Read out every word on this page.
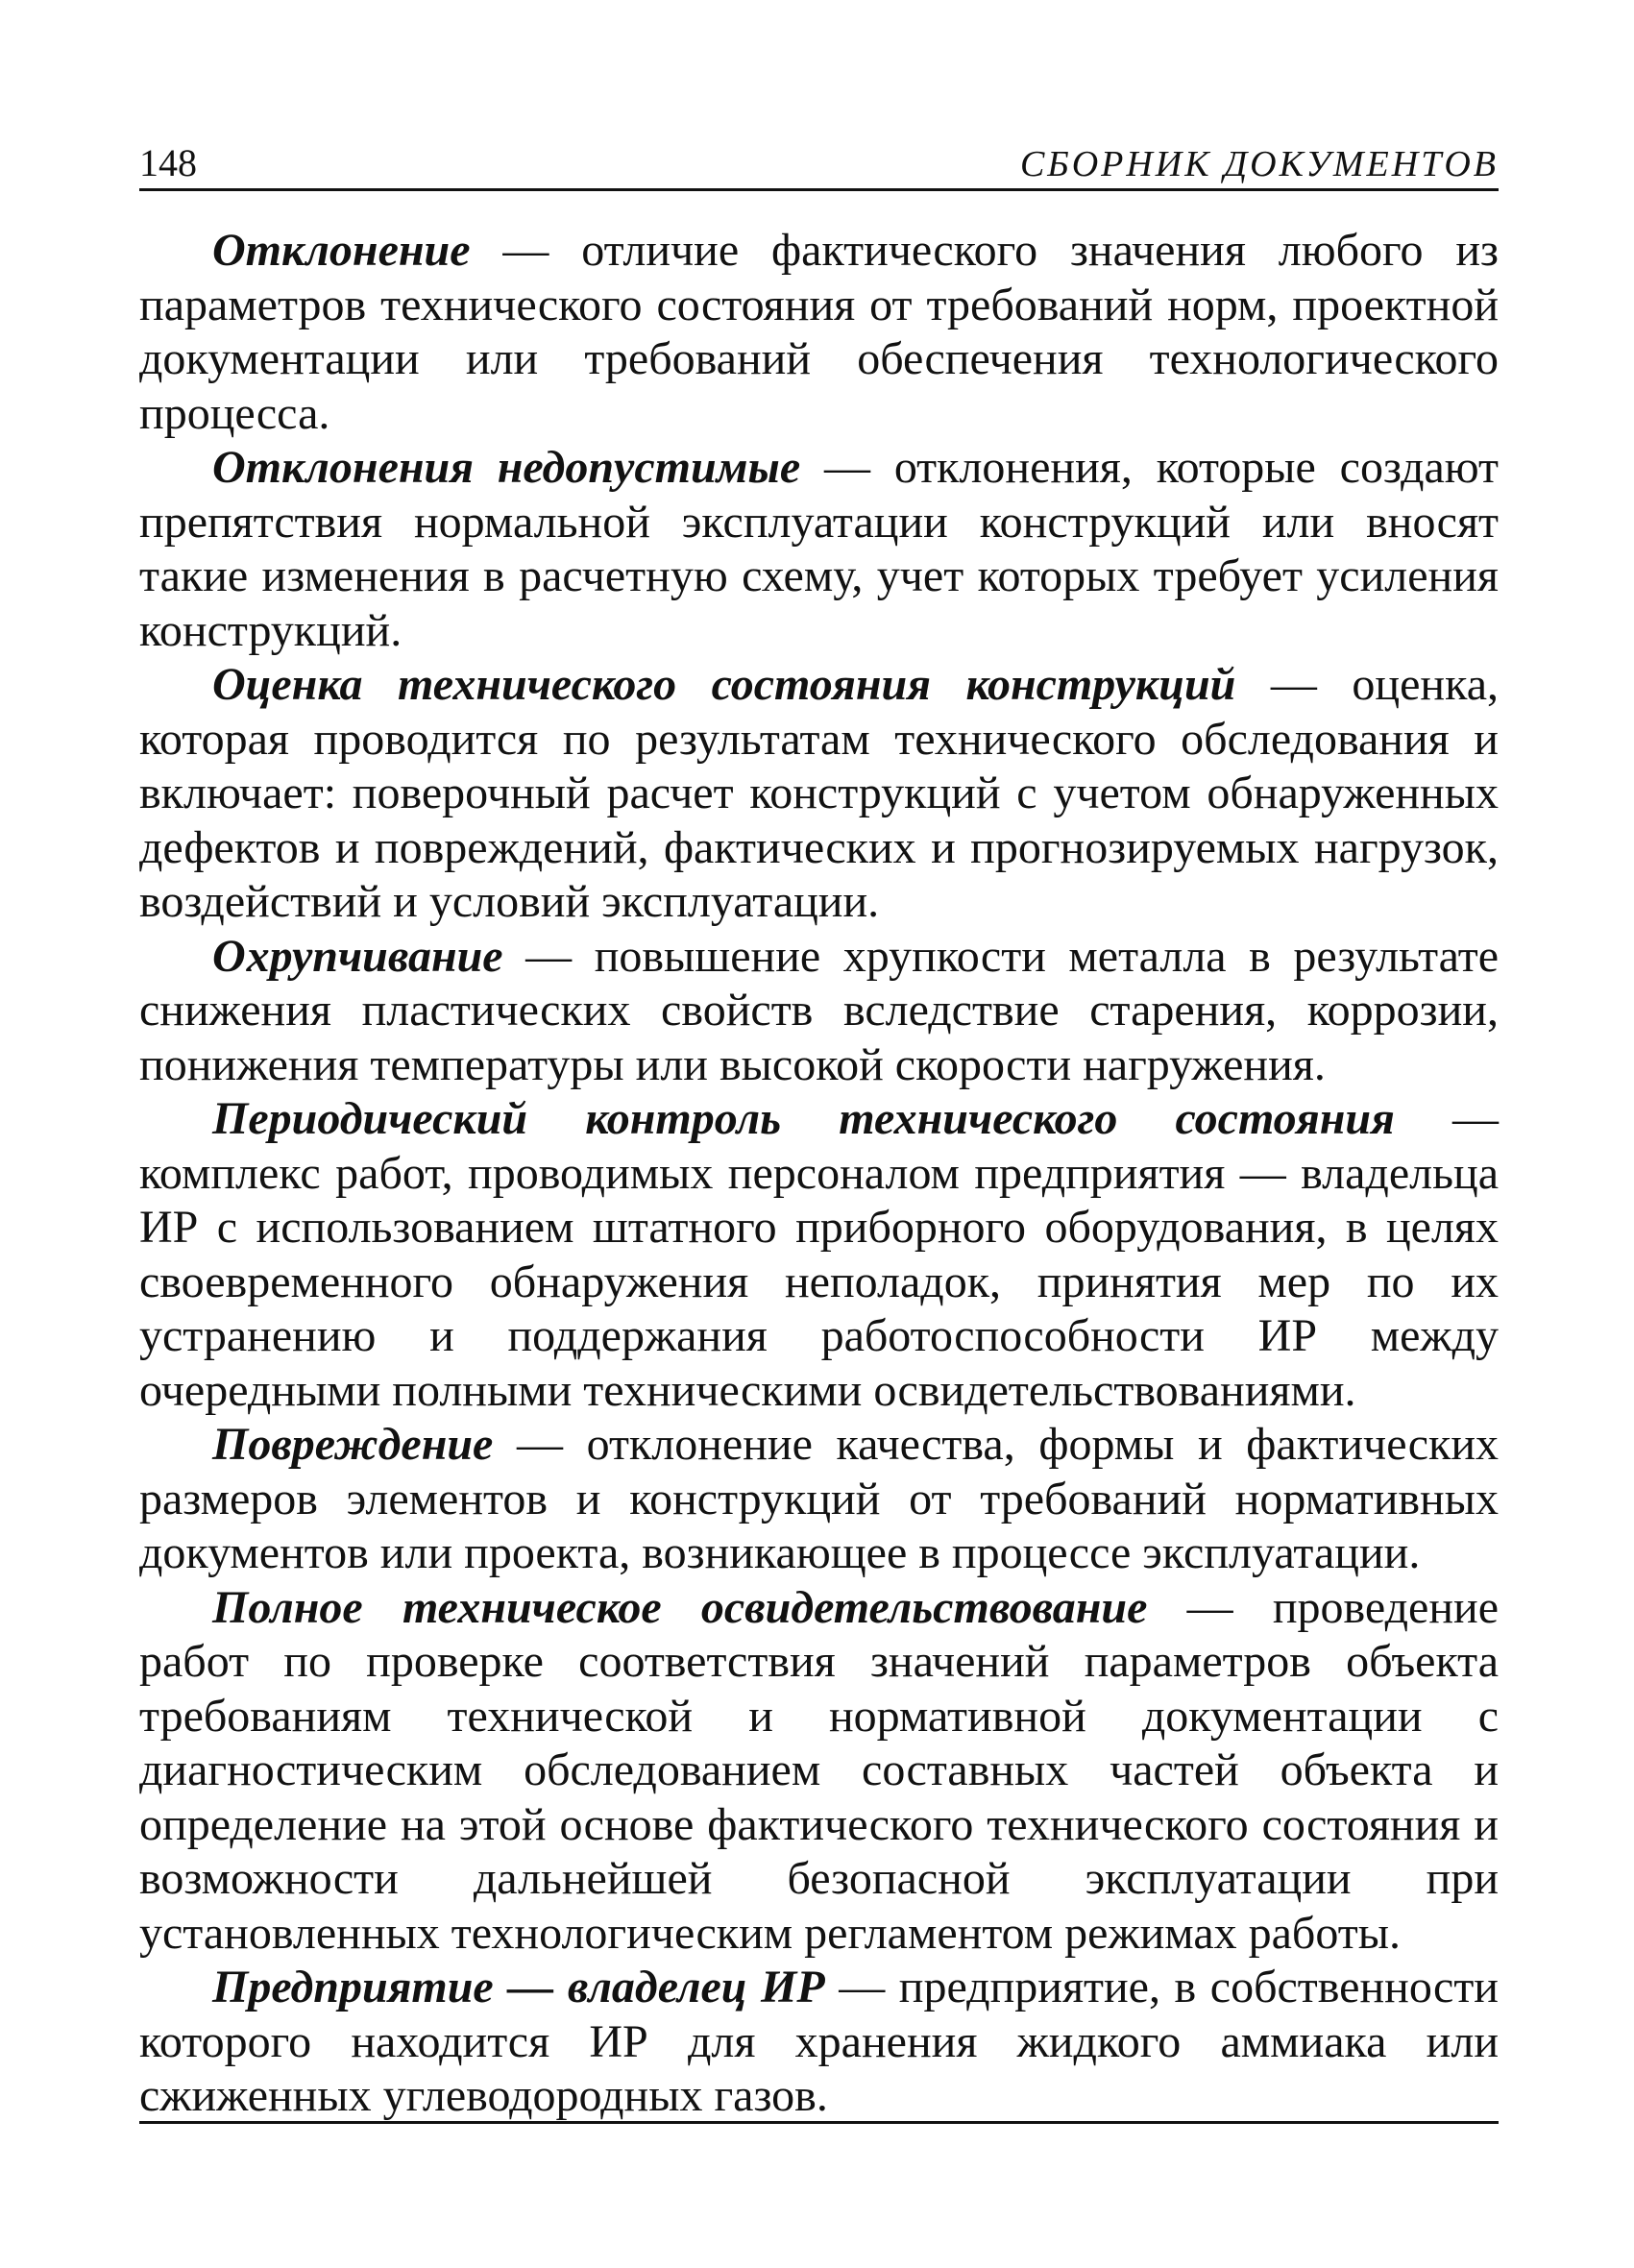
148	СБОРНИК ДОКУМЕНТОВ

Отклонение — отличие фактического значения любого из параметров технического состояния от требований норм, проектной документации или требований обеспечения технологического процесса.

Отклонения недопустимые — отклонения, которые создают препятствия нормальной эксплуатации конструкций или вносят такие изменения в расчетную схему, учет которых требует усиления конструкций.

Оценка технического состояния конструкций — оценка, которая проводится по результатам технического обследования и включает: поверочный расчет конструкций с учетом обнаруженных дефектов и повреждений, фактических и прогнозируемых нагрузок, воздействий и условий эксплуатации.

Охрупчивание — повышение хрупкости металла в результате снижения пластических свойств вследствие старения, коррозии, понижения температуры или высокой скорости нагружения.

Периодический контроль технического состояния — комплекс работ, проводимых персоналом предприятия — владельца ИР с использованием штатного приборного оборудования, в целях своевременного обнаружения неполадок, принятия мер по их устранению и поддержания работоспособности ИР между очередными полными техническими освидетельствованиями.

Повреждение — отклонение качества, формы и фактических размеров элементов и конструкций от требований нормативных документов или проекта, возникающее в процессе эксплуатации.

Полное техническое освидетельствование — проведение работ по проверке соответствия значений параметров объекта требованиям технической и нормативной документации с диагностическим обследованием составных частей объекта и определение на этой основе фактического технического состояния и возможности дальнейшей безопасной эксплуатации при установленных технологическим регламентом режимах работы.

Предприятие — владелец ИР — предприятие, в собственности которого находится ИР для хранения жидкого аммиака или сжиженных углеводородных газов.
